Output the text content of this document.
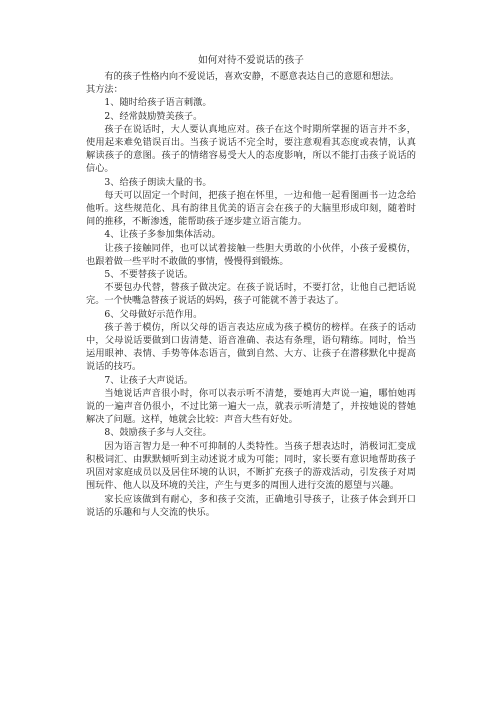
如何对待不爱说话的孩子

有的孩子性格内向不爱说话，喜欢安静，不愿意表达自己的意愿和想法。

其方法：

1、随时给孩子语言刺激。

2、经常鼓励赞美孩子。

孩子在说话时，大人要认真地应对。孩子在这个时期所掌握的语言并不多，使用起来难免错误百出。当孩子说话不完全时，要注意观看其态度或表情，认真解读孩子的意图。孩子的情绪容易受大人的态度影响，所以不能打击孩子说话的信心。

3、给孩子朗读大量的书。

每天可以固定一个时间，把孩子抱在怀里，一边和他一起看图画书一边念给他听。这些规范化、具有韵律且优美的语言会在孩子的大脑里形成印刻，随着时间的推移，不断渗透，能帮助孩子逐步建立语言能力。

4、让孩子多参加集体活动。

让孩子接触同伴，也可以试着接触一些胆大勇敢的小伙伴，小孩子爱模仿，也跟着做一些平时不敢做的事情，慢慢得到锻炼。

5、不要替孩子说话。

不要包办代替，替孩子做决定。在孩子说话时，不要打岔，让他自己把话说完。一个快嘴急替孩子说话的妈妈，孩子可能就不善于表达了。

6、父母做好示范作用。

孩子善于模仿，所以父母的语言表达应成为孩子模仿的榜样。在孩子的话动中，父母说话要做到口齿清楚、语音准确、表达有条理，语句精练。同时，恰当运用眼神、表情、手势等体态语言，做到自然、大方、让孩子在潜移默化中提高说话的技巧。

7、让孩子大声说话。

当她说话声音很小时，你可以表示听不清楚，要她再大声说一遍，哪怕她再说的一遍声音仍很小，不过比第一遍大一点，就表示听清楚了，并按她说的替她解决了问题。这样，她就会比较：声音大些有好处。

8、鼓励孩子多与人交往。

因为语言智力是一种不可抑制的人类特性。当孩子想表达时，消极词汇变成积极词汇、由默默倾听到主动述说才成为可能；同时，家长要有意识地帮助孩子巩固对家庭成员以及居住环境的认识，不断扩充孩子的游戏活动，引发孩子对周围玩件、他人以及环境的关注，产生与更多的周围人进行交流的愿望与兴趣。

家长应该做到有耐心，多和孩子交流，正确地引导孩子，让孩子体会到开口说话的乐趣和与人交流的快乐。
